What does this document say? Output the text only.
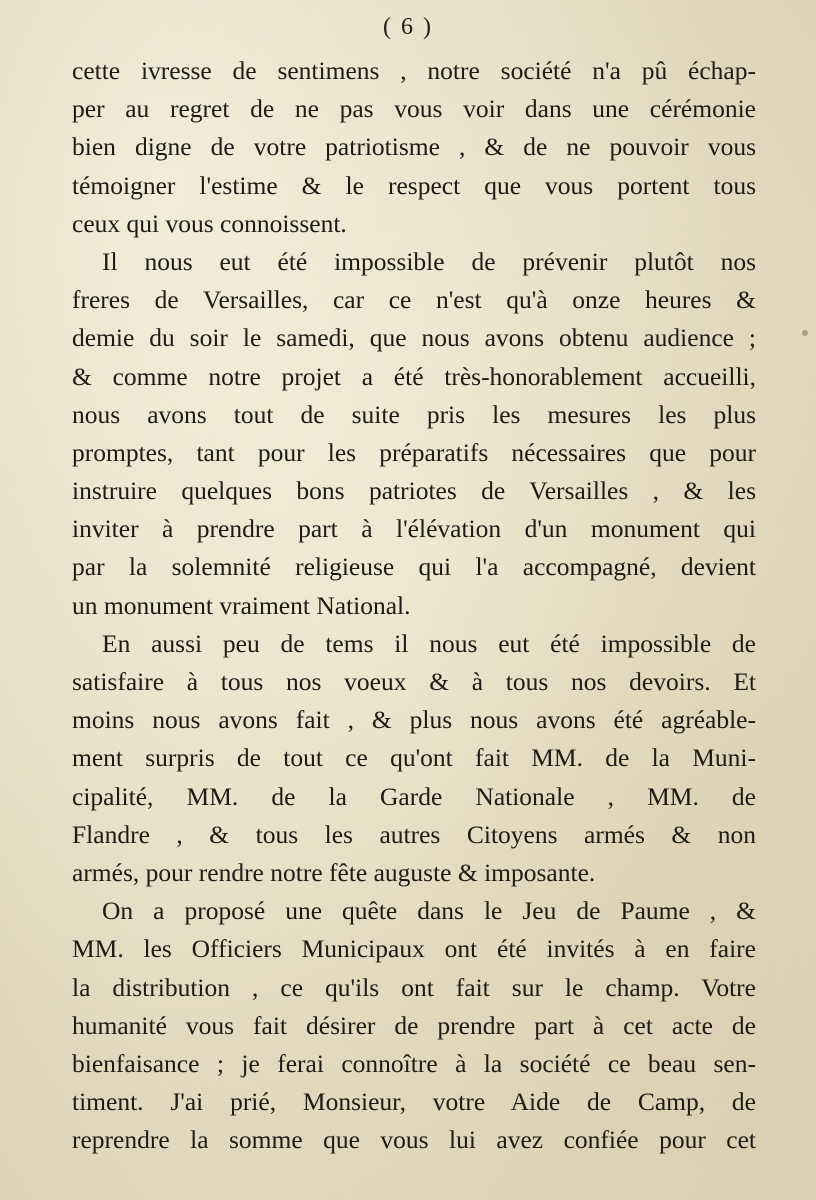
( 6 )
cette ivresse de sentimens , notre société n'a pû échap-
per au regret de ne pas vous voir dans une cérémonie
bien digne de votre patriotisme , & de ne pouvoir vous
témoigner l'estime & le respect que vous portent tous
ceux qui vous connoissent.
Il nous eut été impossible de prévenir plutôt nos
freres de Versailles, car ce n'est qu'à onze heures &
demie du soir le samedi, que nous avons obtenu audience ;
& comme notre projet a été très-honorablement accueilli,
nous avons tout de suite pris les mesures les plus
promptes, tant pour les préparatifs nécessaires que pour
instruire quelques bons patriotes de Versailles , & les
inviter à prendre part à l'élévation d'un monument qui
par la solemnité religieuse qui l'a accompagné, devient
un monument vraiment National.
En aussi peu de tems il nous eut été impossible de
satisfaire à tous nos voeux & à tous nos devoirs. Et
moins nous avons fait , & plus nous avons été agréable-
ment surpris de tout ce qu'ont fait MM. de la Muni-
cipalité, MM. de la Garde Nationale , MM. de
Flandre , & tous les autres Citoyens armés & non
armés, pour rendre notre fête auguste & imposante.
On a proposé une quête dans le Jeu de Paume , &
MM. les Officiers Municipaux ont été invités à en faire
la distribution , ce qu'ils ont fait sur le champ. Votre
humanité vous fait désirer de prendre part à cet acte de
bienfaisance ; je ferai connoître à la société ce beau sen-
timent. J'ai prié, Monsieur, votre Aide de Camp, de
reprendre la somme que vous lui avez confiée pour cet
